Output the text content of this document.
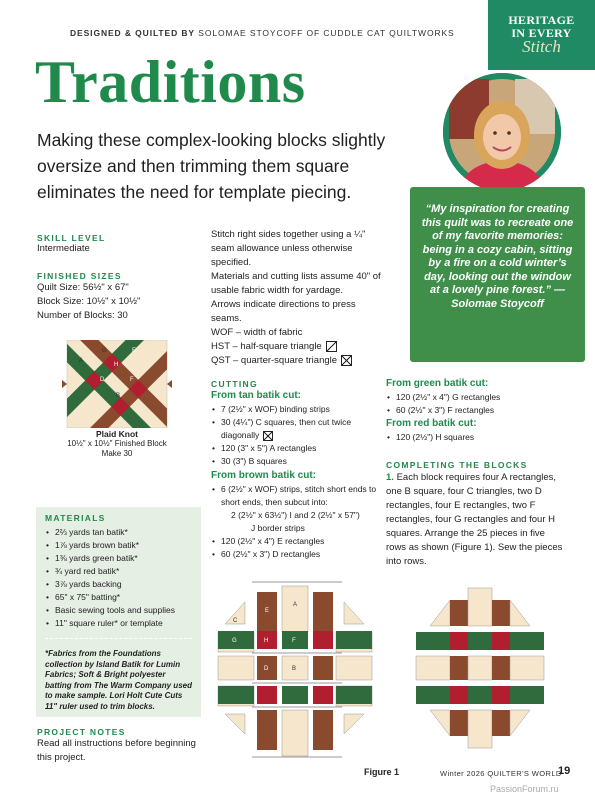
DESIGNED & QUILTED BY SOLOMAE STOYCOFF OF CUDDLE CAT QUILTWORKS
HERITAGE
IN EVERY
Stitch
Traditions
Making these complex-looking blocks slightly oversize and then trimming them square eliminates the need for template piecing.
“My inspiration for creating this quilt was to recreate one of my favorite memories: being in a cozy cabin, sitting by a fire on a cold winter’s day, looking out the window at a lovely pine forest.” — Solomae Stoycoff
SKILL LEVEL
Intermediate
FINISHED SIZES
Quilt Size: 56½" x 67"
Block Size: 10½" x 10½"
Number of Blocks: 30
A
G	E
H
D	F
B
Plaid Knot
10½" x 10½" Finished Block
Make 30
MATERIALS
• 2⅔ yards tan batik*
• 1⅞ yards brown batik*
• 1⅜ yards green batik*
• ¾ yard red batik*
• 3⅞ yards backing
• 65" x 75" batting*
• Basic sewing tools and supplies
• 11" square ruler* or template
*Fabrics from the Foundations collection by Island Batik for Lumin Fabrics; Soft & Bright polyester batting from The Warm Company used to make sample. Lori Holt Cute Cuts 11" ruler used to trim blocks.
PROJECT NOTES
Read all instructions before beginning this project.
Stitch right sides together using a ¼" seam allowance unless otherwise specified.
Materials and cutting lists assume 40" of usable fabric width for yardage.
Arrows indicate directions to press seams.
WOF – width of fabric
HST – half-square triangle
QST – quarter-square triangle
CUTTING
From tan batik cut:
• 7 (2½" x WOF) binding strips
• 30 (4¼") C squares, then cut twice diagonally
• 120 (3" x 5") A rectangles
• 30 (3") B squares
From brown batik cut:
• 6 (2½" x WOF) strips, stitch short ends to short ends, then subcut into:
2 (2½" x 63½") I and 2 (2½" x 57")
J border strips
• 120 (2½" x 4") E rectangles
• 60 (2½" x 3") D rectangles
From green batik cut:
• 120 (2½" x 4") G rectangles
• 60 (2½" x 3") F rectangles
From red batik cut:
• 120 (2½") H squares
COMPLETING THE BLOCKS
1. Each block requires four A rectangles, one B square, four C triangles, two D rectangles, four E rectangles, two F rectangles, four G rectangles and four H squares. Arrange the 25 pieces in five rows as shown (Figure 1). Sew the pieces into rows.
C
E
A
G	H	F
D	B
Figure 1	Winter 2026 QUILTER'S WORLD
19
PassionForum.ru
